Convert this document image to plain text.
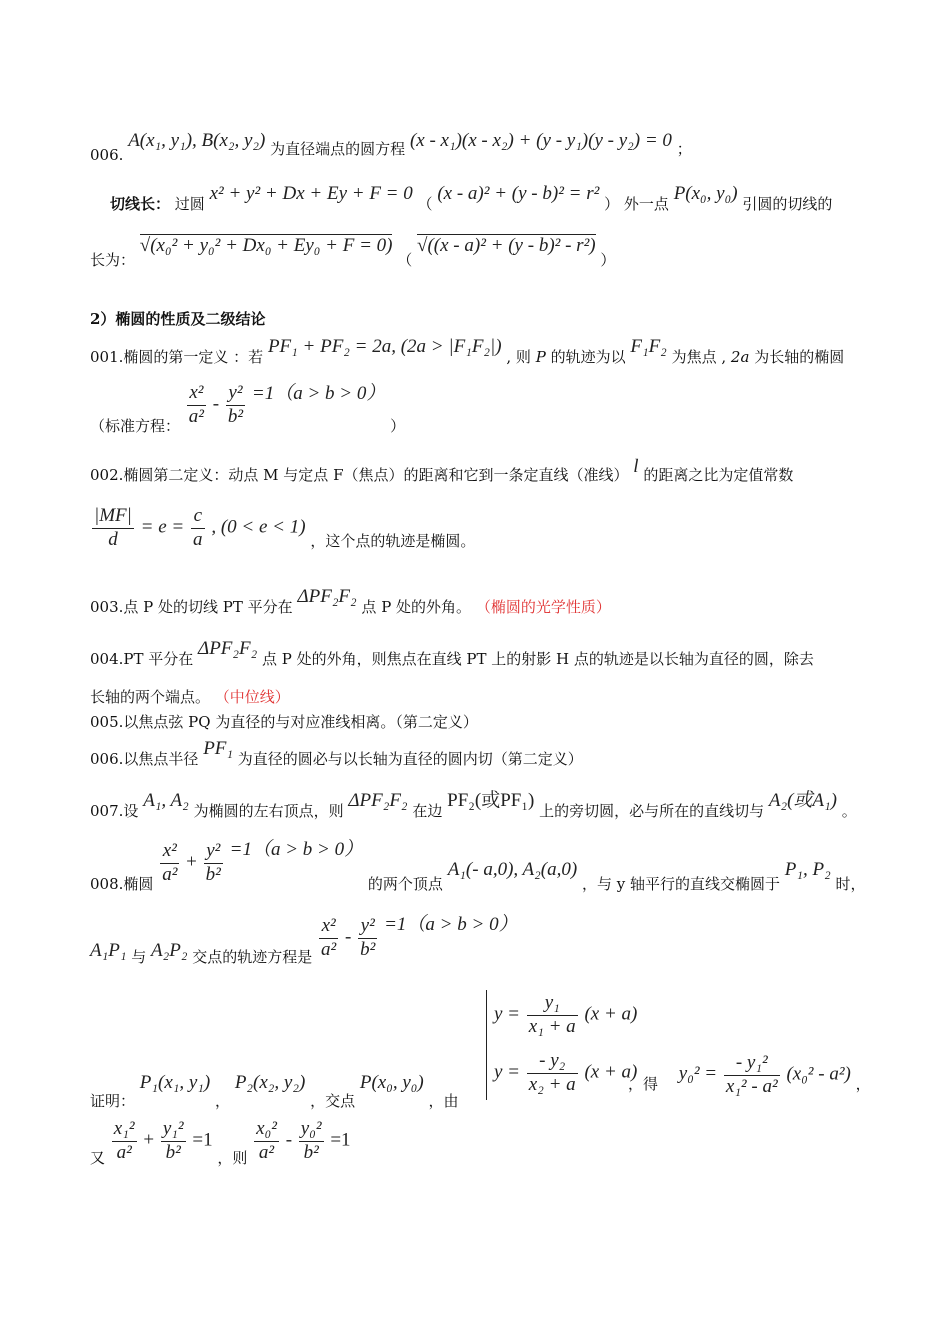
006. A(x₁, y₁), B(x₂, y₂) 为直径端点的圆方程 (x - x₁)(x - x₂) + (y - y₁)(y - y₂) = 0 ；
切线长： 过圆 x² + y² + Dx + Ey + F = 0 （ (x - a)² + (y - b)² = r² ） 外一点 P(x₀, y₀) 引圆的切线的
长为： √(x₀² + y₀² + Dx₀ + Ey₀ + F = 0) （ √((x - a)² + (y - b)² - r²) ）
2）椭圆的性质及二级结论
001.椭圆的第一定义 ：若 PF₁ + PF₂ = 2a, (2a > |F₁F₂|) , 则 P 的轨迹为以 F₁F₂ 为焦点 , 2a 为长轴的椭圆
（标准方程： $\frac{\text{x²}}{\text{a²}} - \frac{\text{y²}}{\text{b²}} =1(a > b > 0)$ ）
002.椭圆第二定义：动点 M 与定点 F（焦点）的距离和它到一条定直线（准线） l 的距离之比为定值常数
$\frac{|MF|}{d} = e = \frac{c}{a}$ , (0 < e < 1) ，这个点的轨迹是椭圆。
003.点 P 处的切线 PT 平分在 ΔPF₂F₂ 点 P 处的外角。 （椭圆的光学性质）
004.PT 平分在 ΔPF₂F₂ 点 P 处的外角，则焦点在直线 PT 上的射影 H 点的轨迹是以长轴为直径的圆，除去
长轴的两个端点。 （中位线）
005.以焦点弦 PQ 为直径的与对应准线相离。（第二定义）
006.以焦点半径 PF₁ 为直径的圆必与以长轴为直径的圆内切（第二定义）
007.设 A₁, A₂ 为椭圆的左右顶点，则 ΔPF₂F₂ 在边 PF₂(或PF₁) 上的旁切圆，必与所在的直线切与 A₂(或A₁) 。
008.椭圆 $\frac{\text{x²}}{\text{a²}} + \frac{\text{y²}}{\text{b²}} =1(a > b > 0)$ 的两个顶点 A₁(- a,0), A₂(a,0) ，与 y 轴平行的直线交椭圆于 P₁, P₂ 时，
A₁P₁ 与 A₂P₂ 交点的轨迹方程是 $\frac{\text{x²}}{\text{a²}} - \frac{\text{y²}}{\text{b²}} =1(a > b > 0)$
$y = \frac{\text{y₁}}{\text{x₁ + a}} (x + a)$
$y = \frac{\text{- y₂}}{\text{x₂ + a}} (x + a)$
证明： P₁(x₁, y₁) ， P₂(x₂, y₂) ，交点 P(x₀, y₀) ，由
，得 $y_0^2 = \frac{\text{- y₁²}}{\text{x₁² - a²}} (x_0^2 - a^2)$ ，
又 $\frac{\text{x₁²}}{\text{a²}} + \frac{\text{y₁²}}{\text{b²}} =1$ ，则 $\frac{\text{x₀²}}{\text{a²}} - \frac{\text{y₀²}}{\text{b²}} =1$
